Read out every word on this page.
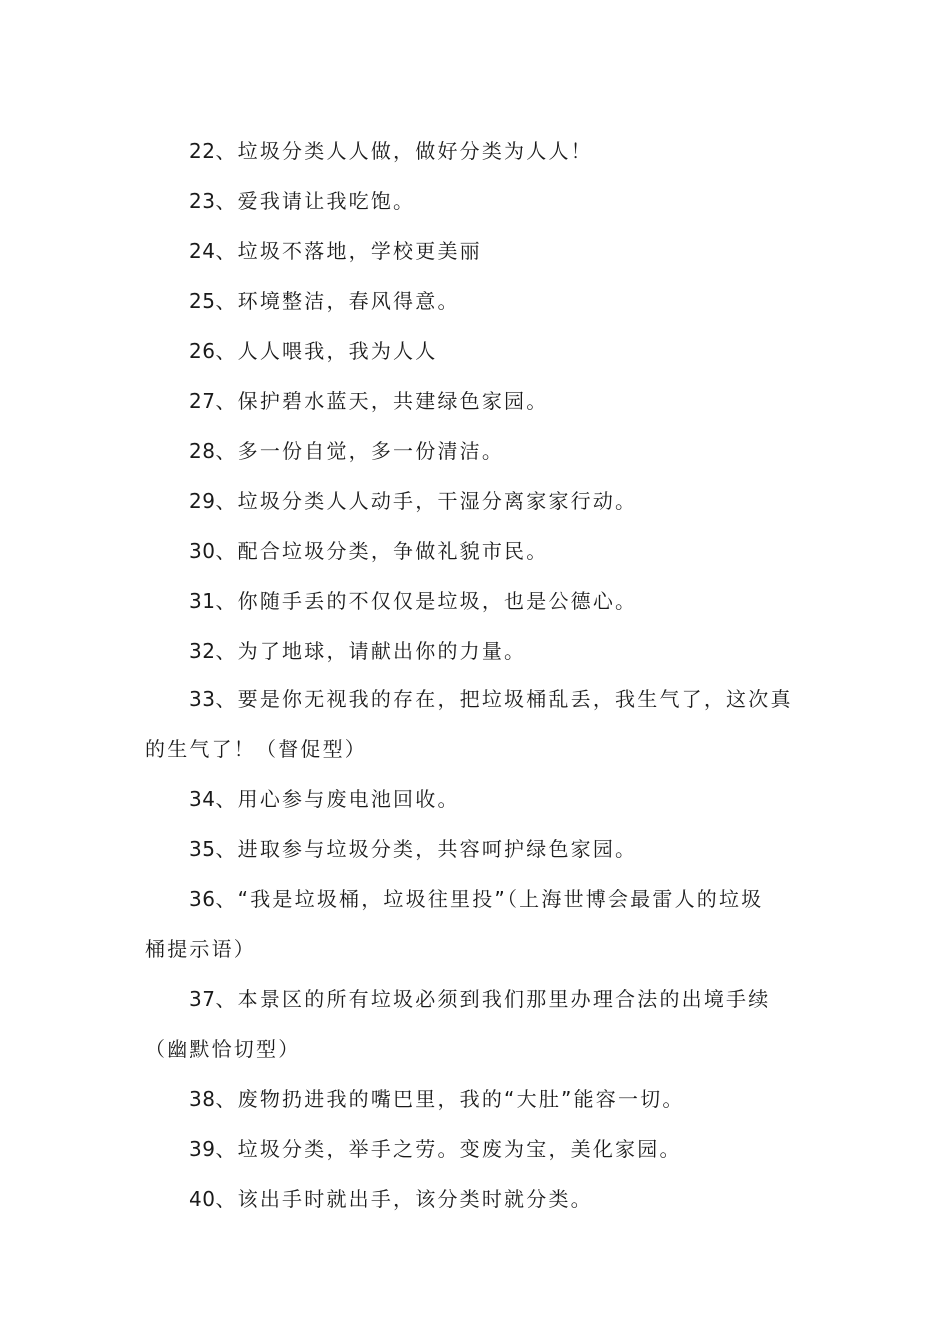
22、垃圾分类人人做，做好分类为人人！
23、爱我请让我吃饱。
24、垃圾不落地，学校更美丽
25、环境整洁，春风得意。
26、人人喂我，我为人人
27、保护碧水蓝天，共建绿色家园。
28、多一份自觉，多一份清洁。
29、垃圾分类人人动手，干湿分离家家行动。
30、配合垃圾分类，争做礼貌市民。
31、你随手丢的不仅仅是垃圾，也是公德心。
32、为了地球，请献出你的力量。
33、要是你无视我的存在，把垃圾桶乱丢，我生气了，这次真
的生气了！（督促型）
34、用心参与废电池回收。
35、进取参与垃圾分类，共容呵护绿色家园。
36、“我是垃圾桶，垃圾往里投”（上海世博会最雷人的垃圾
桶提示语）
37、本景区的所有垃圾必须到我们那里办理合法的出境手续
（幽默恰切型）
38、废物扔进我的嘴巴里，我的“大肚”能容一切。
39、垃圾分类，举手之劳。变废为宝，美化家园。
40、该出手时就出手，该分类时就分类。
